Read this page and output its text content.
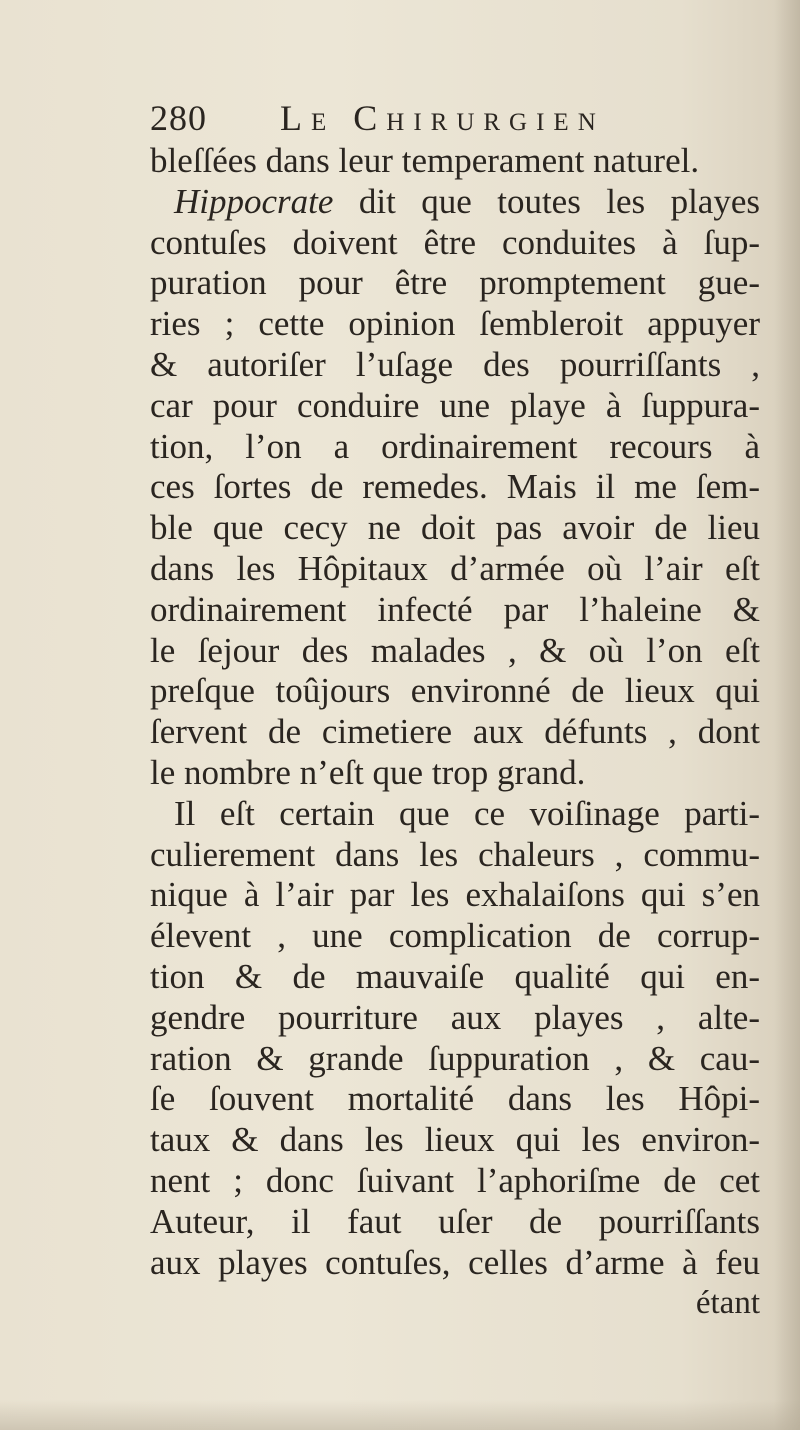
280	Le Chirurgien
bleſſées dans leur temperament naturel.
Hippocrate dit que toutes les playes
contuſes doivent être conduites à ſup-
puration pour être promptement gue-
ries ; cette opinion ſembleroit appuyer
& autoriſer l’uſage des pourriſſants ,
car pour conduire une playe à ſuppura-
tion, l’on a ordinairement recours à
ces ſortes de remedes. Mais il me ſem-
ble que cecy ne doit pas avoir de lieu
dans les Hôpitaux d’armée où l’air eſt
ordinairement infecté par l’haleine &
le ſejour des malades , & où l’on eſt
preſque toûjours environné de lieux qui
ſervent de cimetiere aux défunts , dont
le nombre n’eſt que trop grand.
Il eſt certain que ce voiſinage parti-
culierement dans les chaleurs , commu-
nique à l’air par les exhalaiſons qui s’en
élevent , une complication de corrup-
tion & de mauvaiſe qualité qui en-
gendre pourriture aux playes , alte-
ration & grande ſuppuration , & cau-
ſe ſouvent mortalité dans les Hôpi-
taux & dans les lieux qui les environ-
nent ; donc ſuivant l’aphoriſme de cet
Auteur, il faut uſer de pourriſſants
aux playes contuſes, celles d’arme à feu
étant
